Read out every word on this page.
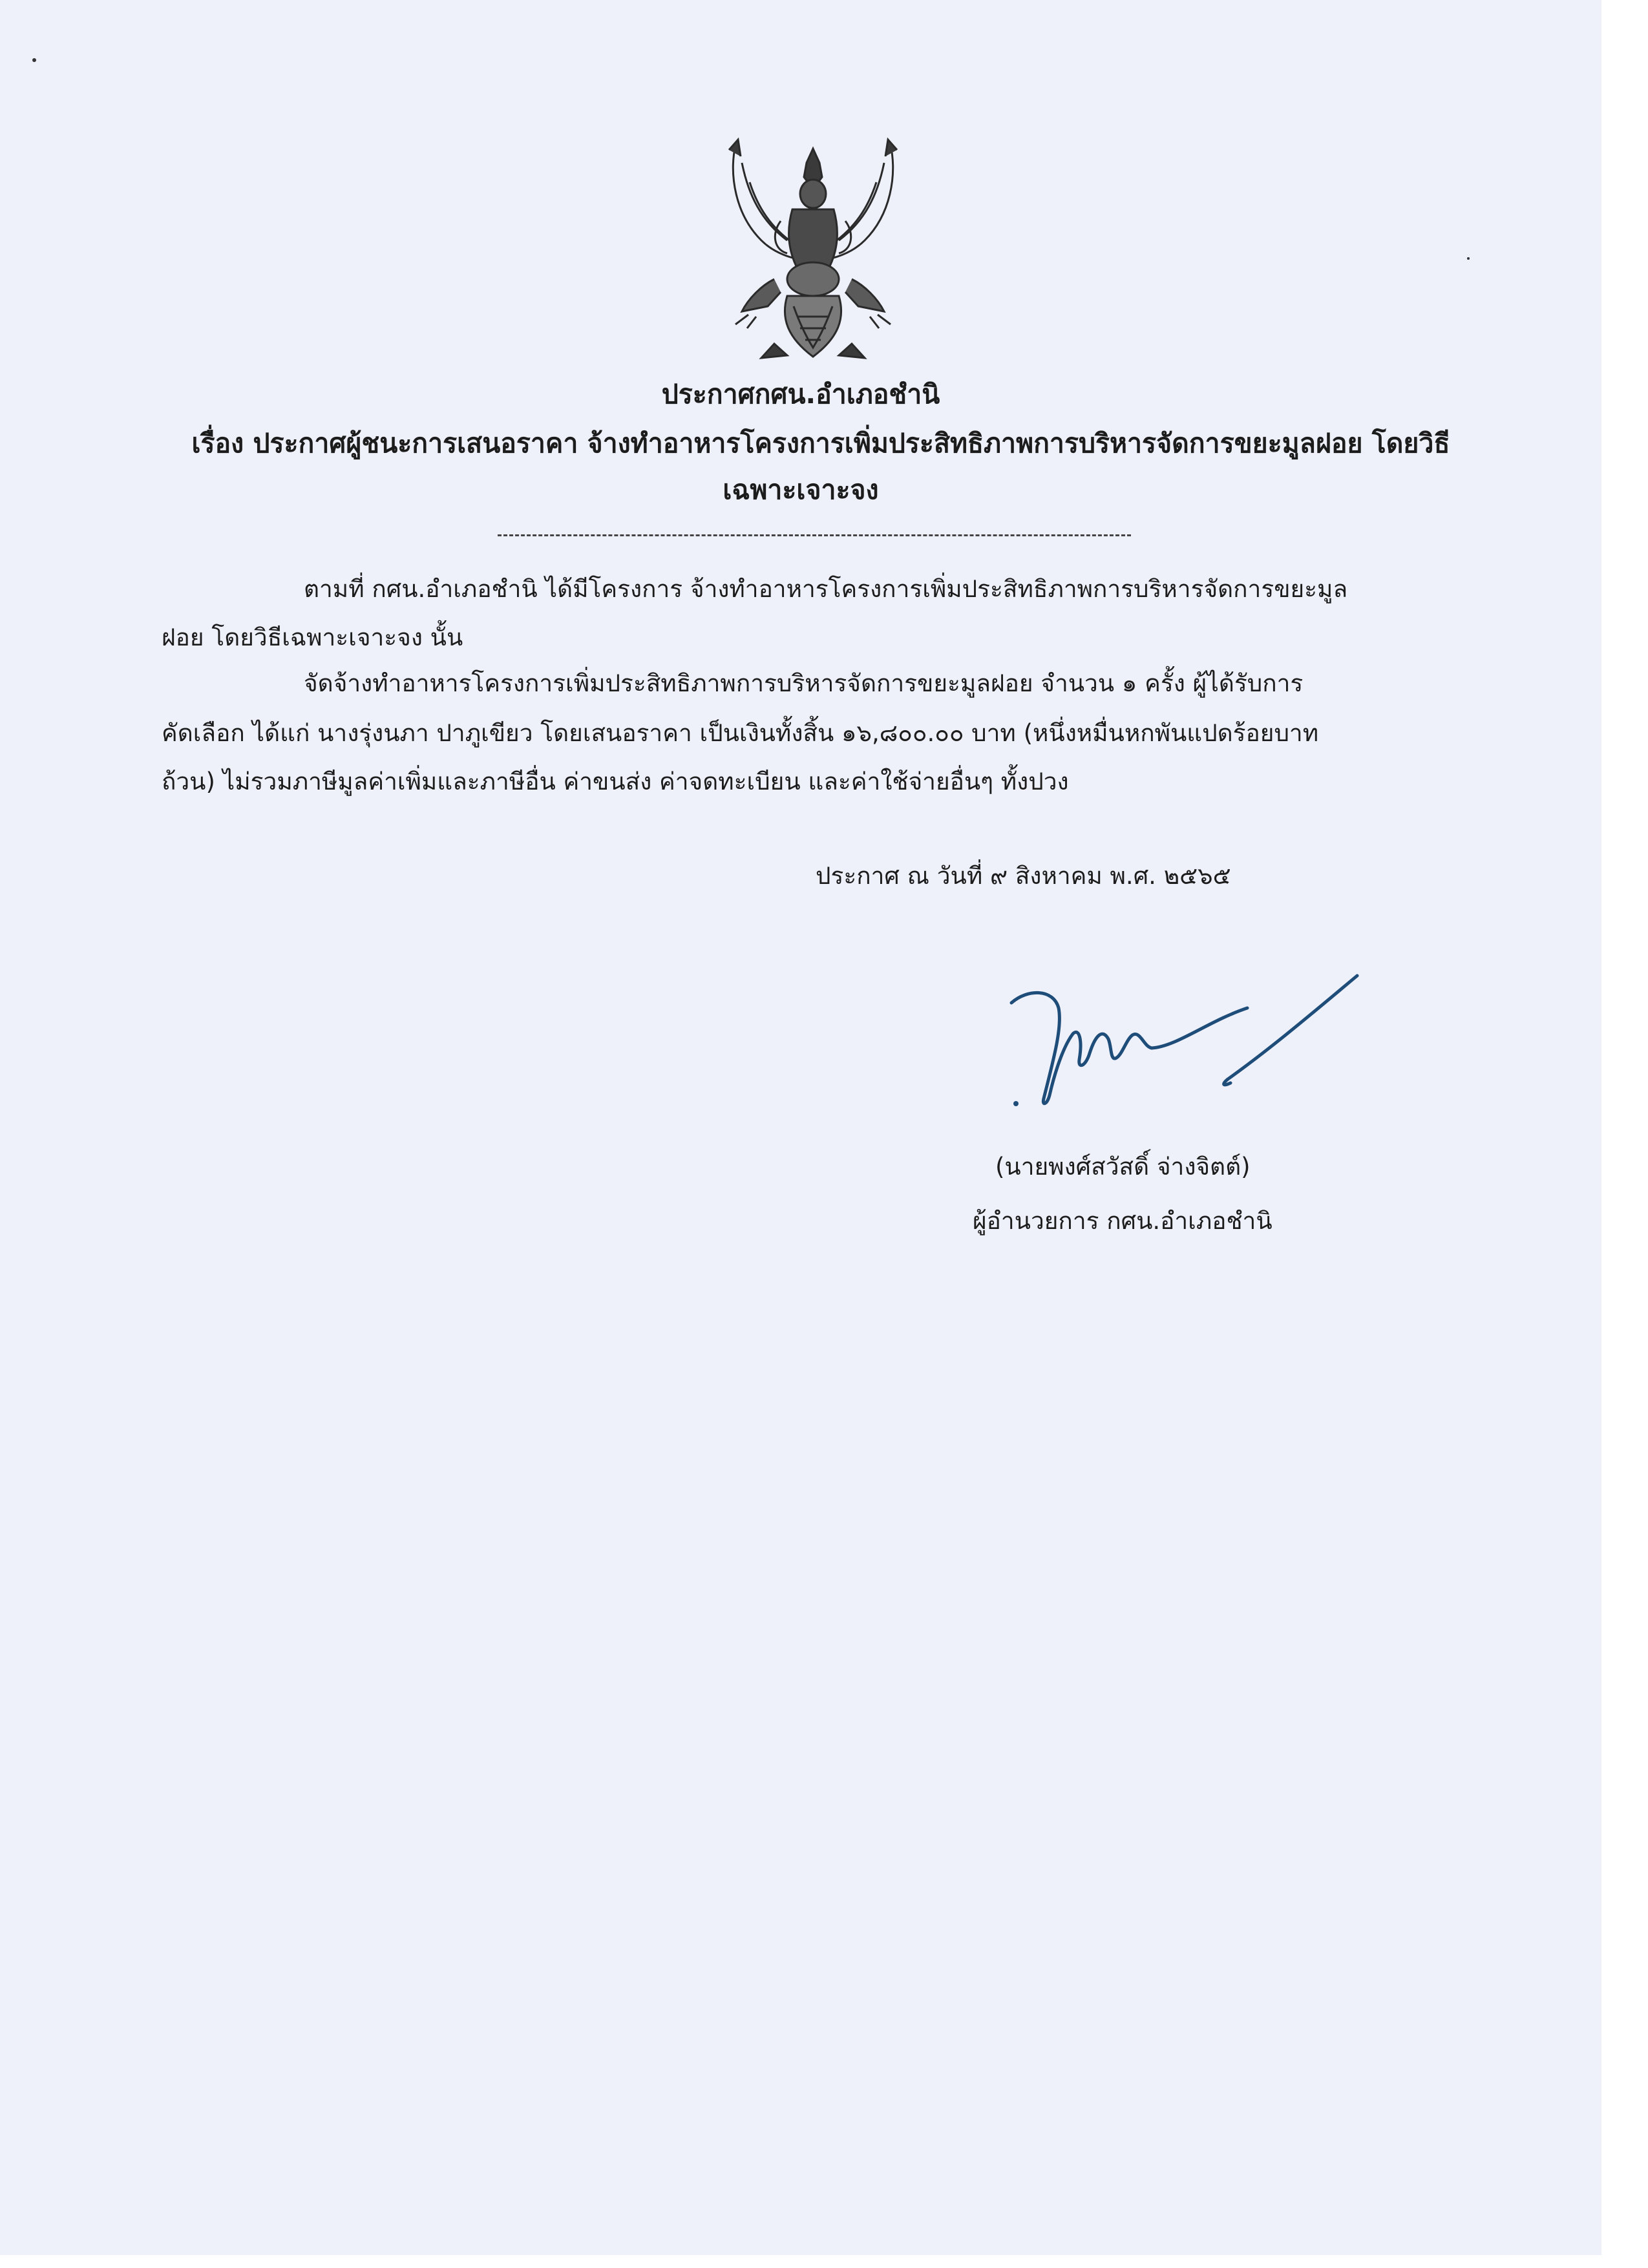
ประกาศกศน.อำเภอชำนิ
เรื่อง ประกาศผู้ชนะการเสนอราคา จ้างทำอาหารโครงการเพิ่มประสิทธิภาพการบริหารจัดการขยะมูลฝอย โดยวิธี
เฉพาะเจาะจง
ตามที่ กศน.อำเภอชำนิ ได้มีโครงการ จ้างทำอาหารโครงการเพิ่มประสิทธิภาพการบริหารจัดการขยะมูล
ฝอย โดยวิธีเฉพาะเจาะจง นั้น
จัดจ้างทำอาหารโครงการเพิ่มประสิทธิภาพการบริหารจัดการขยะมูลฝอย จำนวน ๑ ครั้ง ผู้ได้รับการ
คัดเลือก ได้แก่ นางรุ่งนภา ปาภูเขียว โดยเสนอราคา เป็นเงินทั้งสิ้น ๑๖,๘๐๐.๐๐ บาท (หนึ่งหมื่นหกพันแปดร้อยบาท
ถ้วน) ไม่รวมภาษีมูลค่าเพิ่มและภาษีอื่น ค่าขนส่ง ค่าจดทะเบียน และค่าใช้จ่ายอื่นๆ ทั้งปวง
ประกาศ ณ วันที่ ๙ สิงหาคม พ.ศ. ๒๕๖๕
(นายพงศ์สวัสดิ์ จ่างจิตต์)
ผู้อำนวยการ กศน.อำเภอชำนิ
